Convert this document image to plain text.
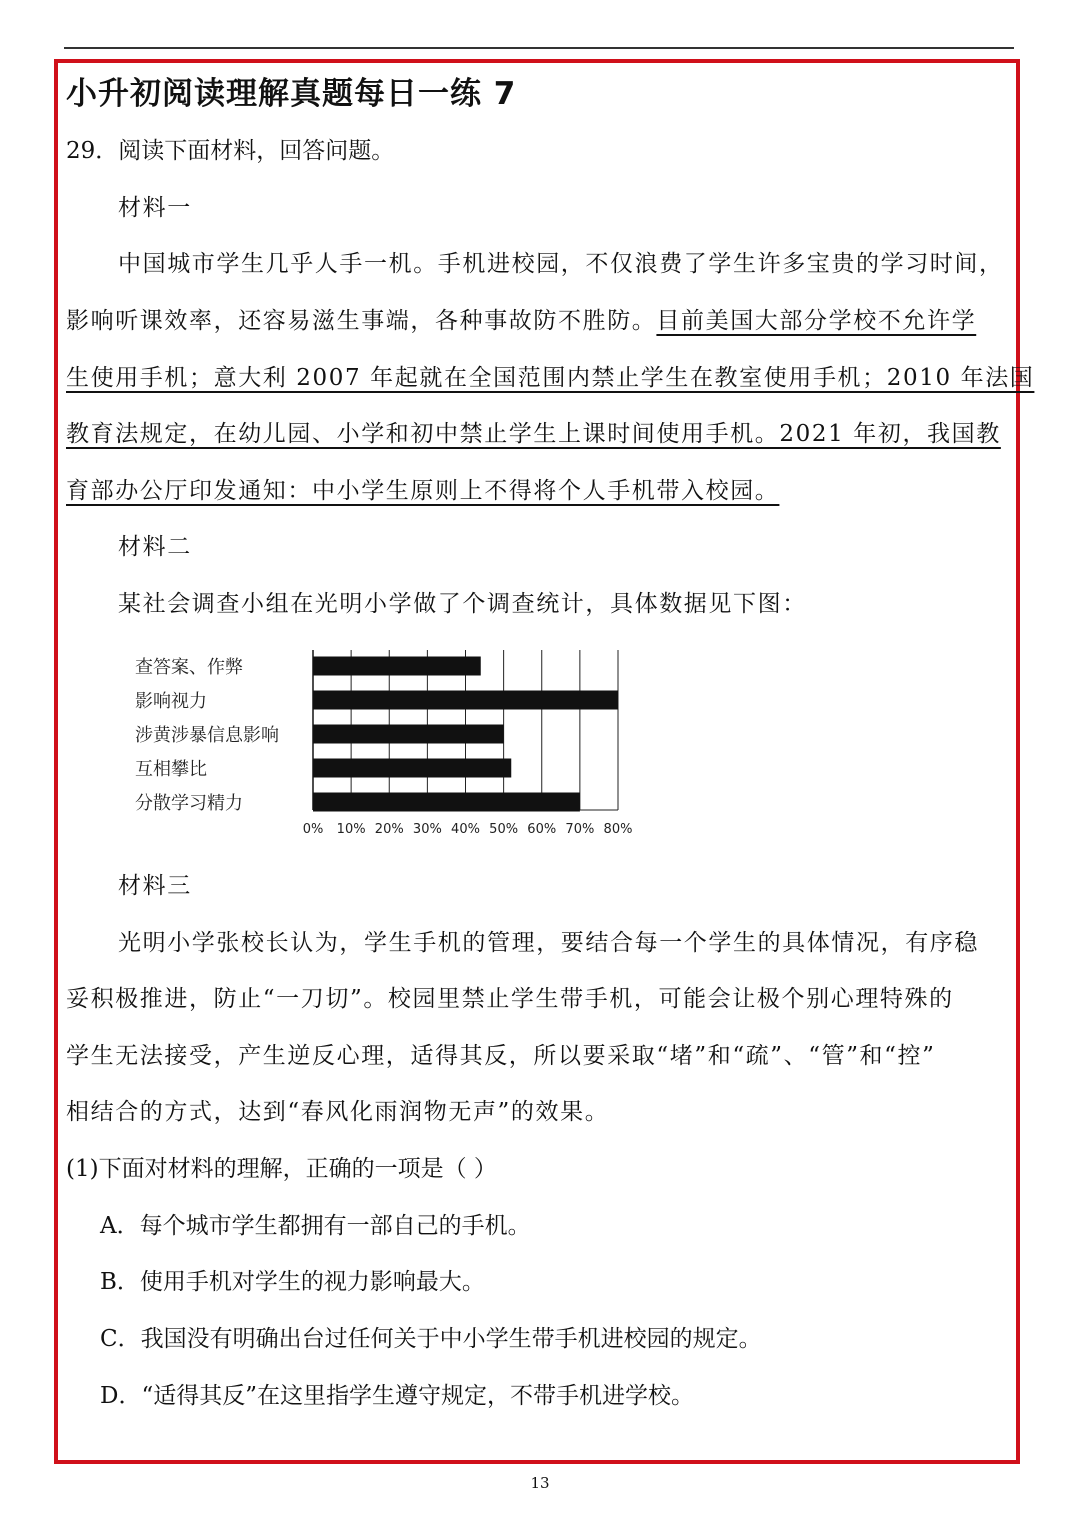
小升初阅读理解真题每日一练 7

29．阅读下面材料，回答问题。

材料一

中国城市学生几乎人手一机。手机进校园，不仅浪费了学生许多宝贵的学习时间，

影响听课效率，还容易滋生事端，各种事故防不胜防。目前美国大部分学校不允许学

生使用手机；意大利 2007 年起就在全国范围内禁止学生在教室使用手机；2010 年法国

教育法规定，在幼儿园、小学和初中禁止学生上课时间使用手机。2021 年初，我国教

育部办公厅印发通知：中小学生原则上不得将个人手机带入校园。

材料二

某社会调查小组在光明小学做了个调查统计，具体数据见下图：

0% 10% 20% 30% 40% 50% 60% 70% 80%
查答案、作弊
影响视力
涉黄涉暴信息影响
互相攀比
分散学习精力

材料三

光明小学张校长认为，学生手机的管理，要结合每一个学生的具体情况，有序稳

妥积极推进，防止“一刀切”。校园里禁止学生带手机，可能会让极个别心理特殊的

学生无法接受，产生逆反心理，适得其反，所以要采取“堵”和“疏”、“管”和“控”

相结合的方式，达到“春风化雨润物无声”的效果。

(1)下面对材料的理解，正确的一项是（ ）

A．每个城市学生都拥有一部自己的手机。

B．使用手机对学生的视力影响最大。

C．我国没有明确出台过任何关于中小学生带手机进校园的规定。

D．“适得其反”在这里指学生遵守规定，不带手机进学校。

13
